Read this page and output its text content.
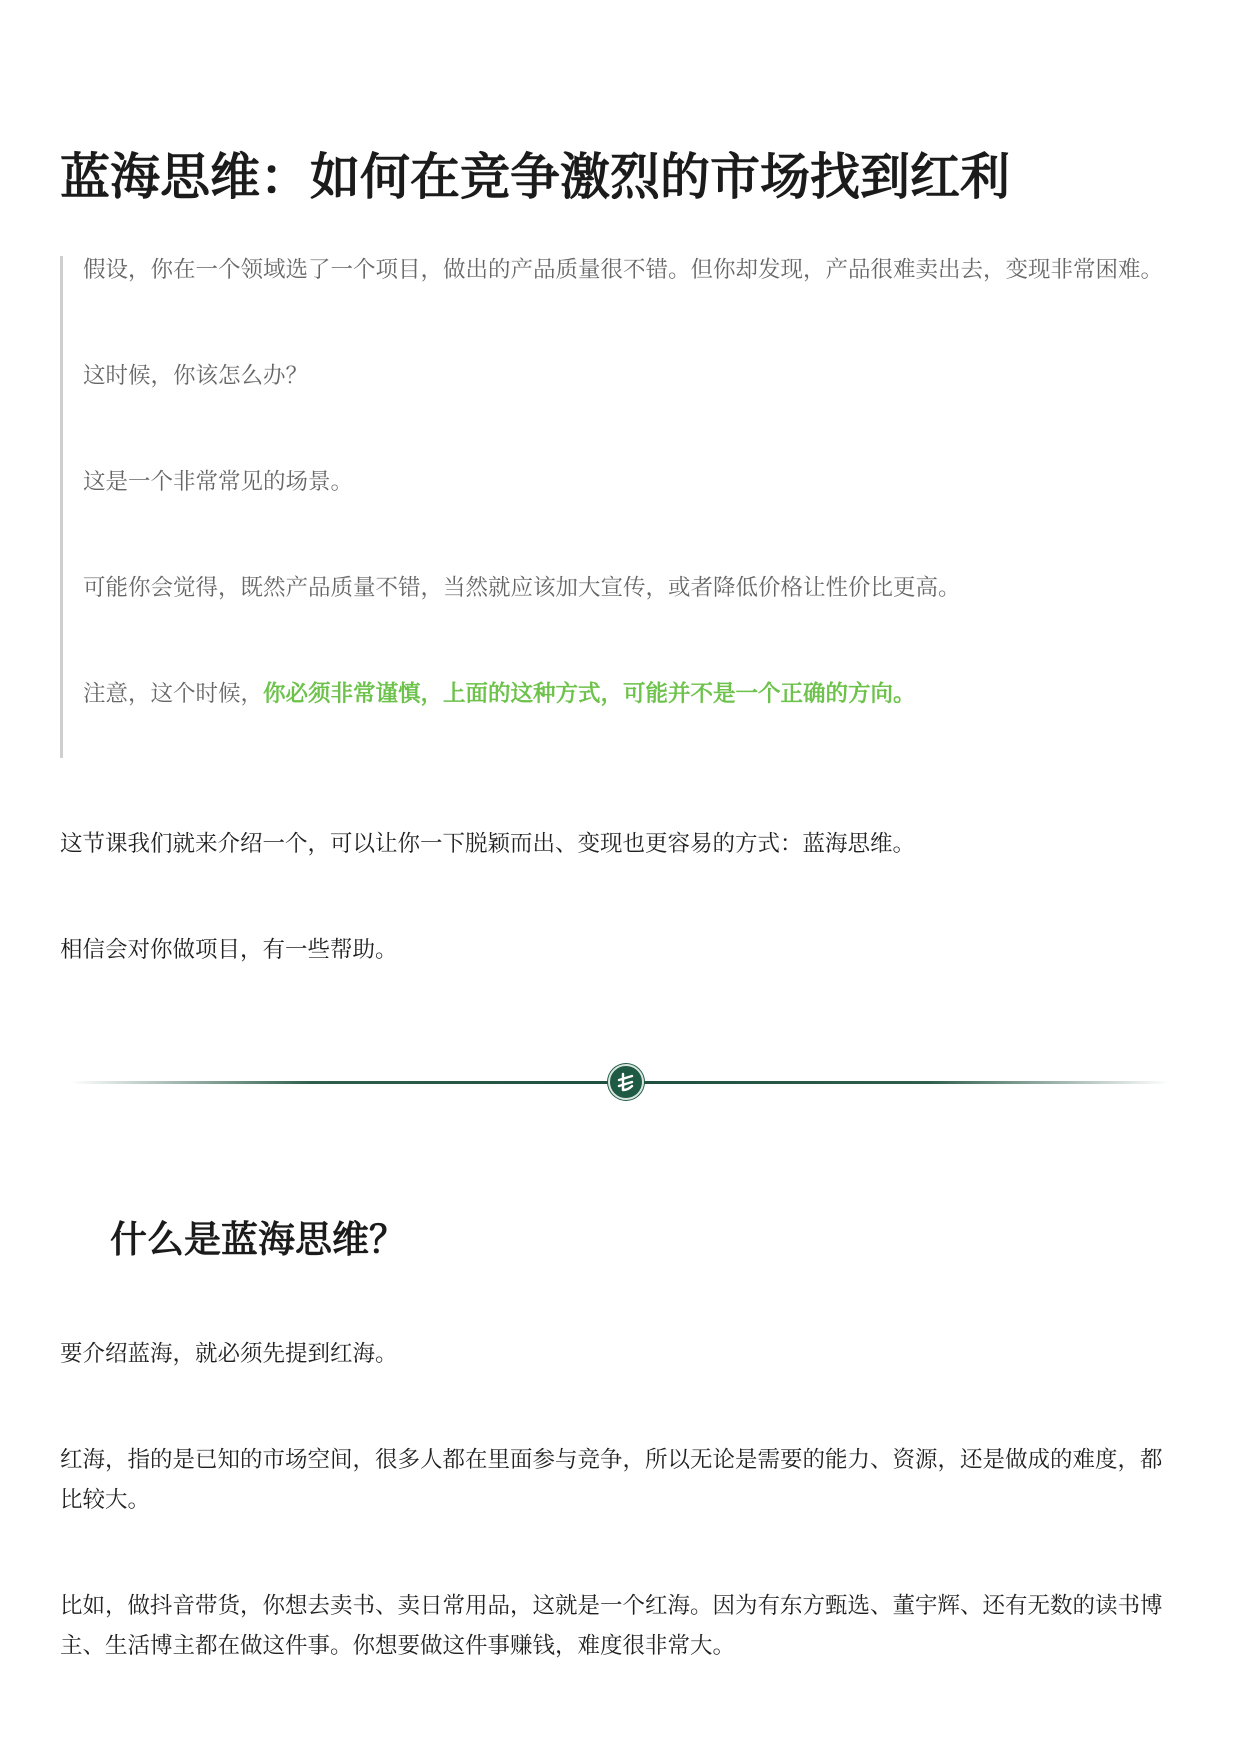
蓝海思维：如何在竞争激烈的市场找到红利

假设，你在一个领域选了一个项目，做出的产品质量很不错。但你却发现，产品很难卖出去，变现非常困难。

这时候，你该怎么办？

这是一个非常常见的场景。

可能你会觉得，既然产品质量不错，当然就应该加大宣传，或者降低价格让性价比更高。

注意，这个时候，你必须非常谨慎，上面的这种方式，可能并不是一个正确的方向。

这节课我们就来介绍一个，可以让你一下脱颖而出、变现也更容易的方式：蓝海思维。

相信会对你做项目，有一些帮助。

什么是蓝海思维？

要介绍蓝海，就必须先提到红海。

红海，指的是已知的市场空间，很多人都在里面参与竞争，所以无论是需要的能力、资源，还是做成的难度，都比较大。

比如，做抖音带货，你想去卖书、卖日常用品，这就是一个红海。因为有东方甄选、董宇辉、还有无数的读书博主、生活博主都在做这件事。你想要做这件事赚钱，难度很非常大。
